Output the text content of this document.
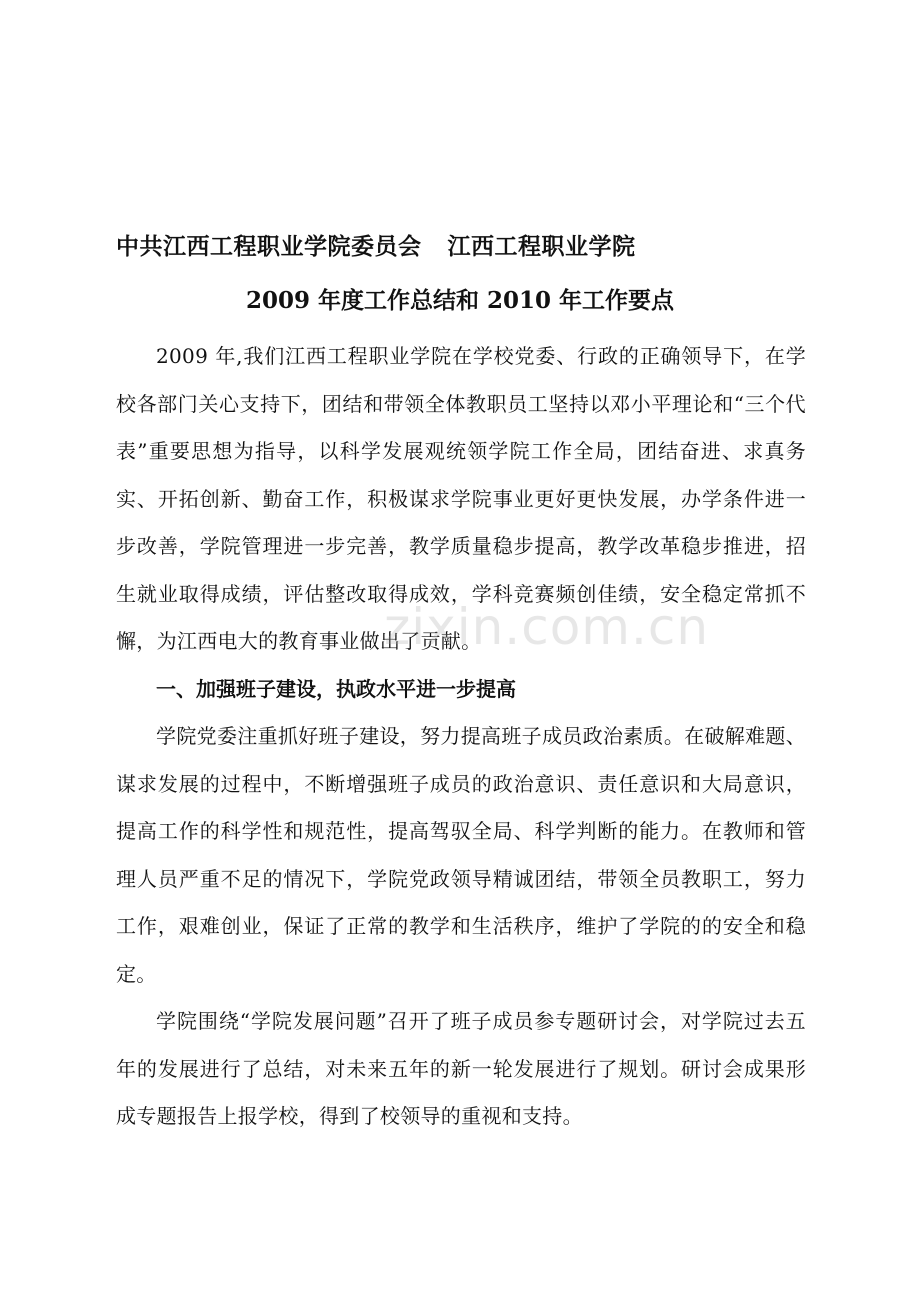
中共江西工程职业学院委员会 江西工程职业学院
2009 年度工作总结和 2010 年工作要点

2009 年,我们江西工程职业学院在学校党委、行政的正确领导下，在学校各部门关心支持下，团结和带领全体教职员工坚持以邓小平理论和“三个代表”重要思想为指导，以科学发展观统领学院工作全局，团结奋进、求真务实、开拓创新、勤奋工作，积极谋求学院事业更好更快发展，办学条件进一步改善，学院管理进一步完善，教学质量稳步提高，教学改革稳步推进，招生就业取得成绩，评估整改取得成效，学科竞赛频创佳绩，安全稳定常抓不懈，为江西电大的教育事业做出了贡献。

一、加强班子建设，执政水平进一步提高

学院党委注重抓好班子建设，努力提高班子成员政治素质。在破解难题、谋求发展的过程中，不断增强班子成员的政治意识、责任意识和大局意识，提高工作的科学性和规范性，提高驾驭全局、科学判断的能力。在教师和管理人员严重不足的情况下，学院党政领导精诚团结，带领全员教职工，努力工作，艰难创业，保证了正常的教学和生活秩序，维护了学院的的安全和稳定。

学院围绕“学院发展问题”召开了班子成员参专题研讨会，对学院过去五年的发展进行了总结，对未来五年的新一轮发展进行了规划。研讨会成果形成专题报告上报学校，得到了校领导的重视和支持。

zixin.com.cn
